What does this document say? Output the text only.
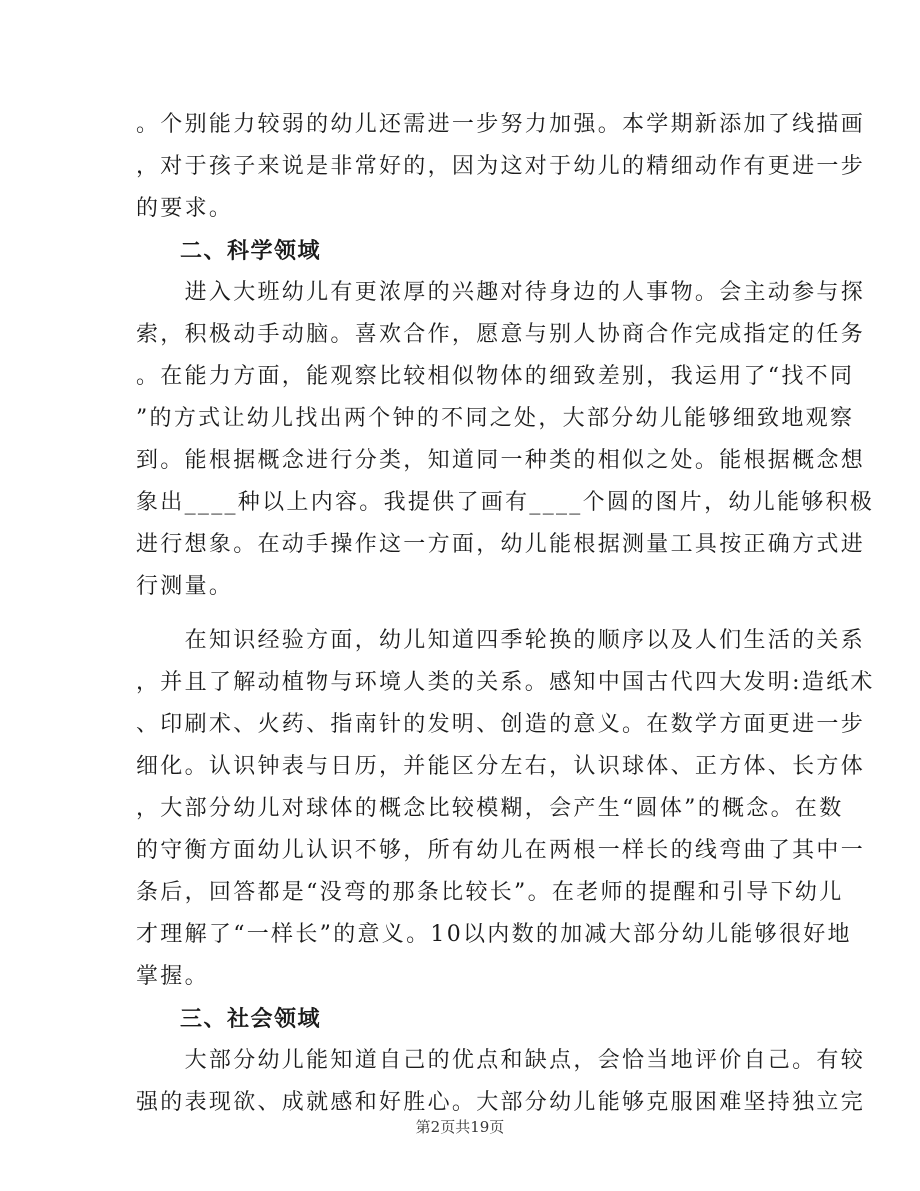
。个别能力较弱的幼儿还需进一步努力加强。本学期新添加了线描画
，对于孩子来说是非常好的，因为这对于幼儿的精细动作有更进一步
的要求。
二、科学领域
　　进入大班幼儿有更浓厚的兴趣对待身边的人事物。会主动参与探
索，积极动手动脑。喜欢合作，愿意与别人协商合作完成指定的任务
。在能力方面，能观察比较相似物体的细致差别，我运用了“找不同
”的方式让幼儿找出两个钟的不同之处，大部分幼儿能够细致地观察
到。能根据概念进行分类，知道同一种类的相似之处。能根据概念想
象出____种以上内容。我提供了画有____个圆的图片，幼儿能够积极
进行想象。在动手操作这一方面，幼儿能根据测量工具按正确方式进
行测量。
　　在知识经验方面，幼儿知道四季轮换的顺序以及人们生活的关系
，并且了解动植物与环境人类的关系。感知中国古代四大发明:造纸术
、印刷术、火药、指南针的发明、创造的意义。在数学方面更进一步
细化。认识钟表与日历，并能区分左右，认识球体、正方体、长方体
，大部分幼儿对球体的概念比较模糊，会产生“圆体”的概念。在数
的守衡方面幼儿认识不够，所有幼儿在两根一样长的线弯曲了其中一
条后，回答都是“没弯的那条比较长”。在老师的提醒和引导下幼儿
才理解了“一样长”的意义。10以内数的加减大部分幼儿能够很好地
掌握。
三、社会领域
　　大部分幼儿能知道自己的优点和缺点，会恰当地评价自己。有较
强的表现欲、成就感和好胜心。大部分幼儿能够克服困难坚持独立完
第2页共19页
